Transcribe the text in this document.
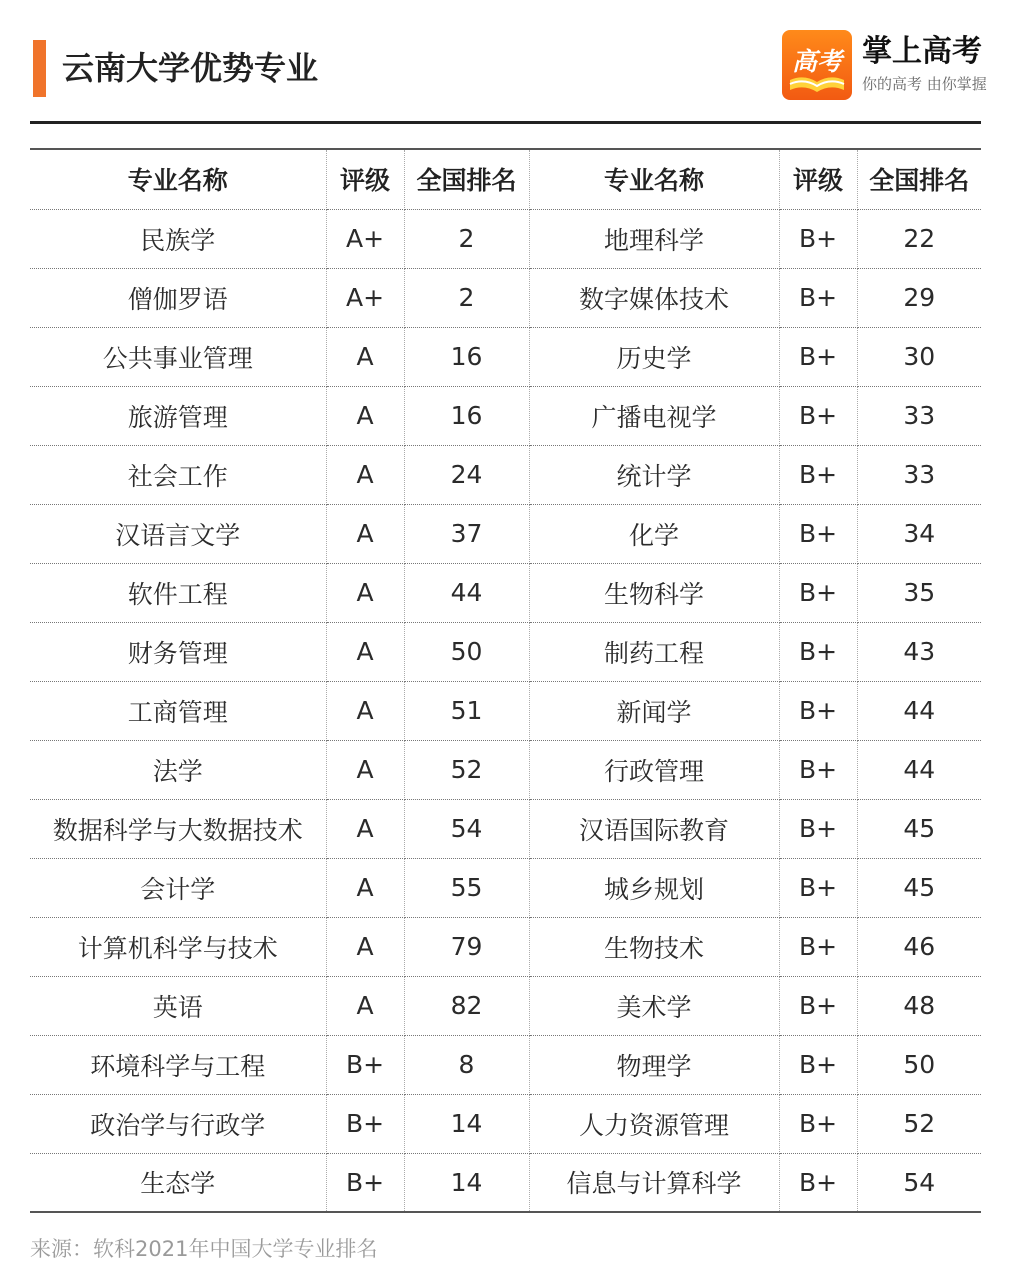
云南大学优势专业	高考 掌上高考
你的高考 由你掌握
专业名称	评级	全国排名	专业名称	评级	全国排名
民族学	A+	2	地理科学	B+	22
僧伽罗语	A+	2	数字媒体技术	B+	29
公共事业管理	A	16	历史学	B+	30
旅游管理	A	16	广播电视学	B+	33
社会工作	A	24	统计学	B+	33
汉语言文学	A	37	化学	B+	34
软件工程	A	44	生物科学	B+	35
财务管理	A	50	制药工程	B+	43
工商管理	A	51	新闻学	B+	44
法学	A	52	行政管理	B+	44
数据科学与大数据技术	A	54	汉语国际教育	B+	45
会计学	A	55	城乡规划	B+	45
计算机科学与技术	A	79	生物技术	B+	46
英语	A	82	美术学	B+	48
环境科学与工程	B+	8	物理学	B+	50
政治学与行政学	B+	14	人力资源管理	B+	52
生态学	B+	14	信息与计算科学	B+	54
来源：软科2021年中国大学专业排名
